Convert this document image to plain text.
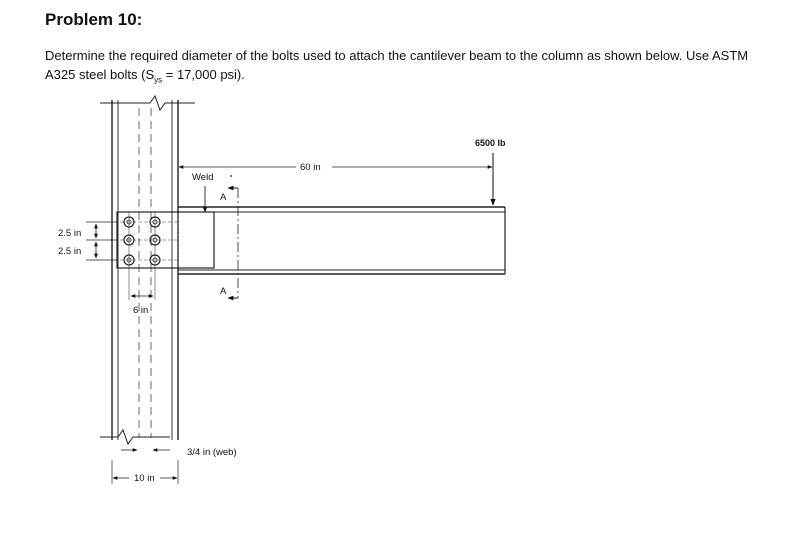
Problem 10:
Determine the required diameter of the bolts used to attach the cantilever beam to the column as shown below. Use ASTM A325 steel bolts ($S_{ys} = 17,000$ psi).
A
A
Weld
60 in
6500 lb
2.5 in
2.5 in
6 in
3/4 in (web)
10 in
